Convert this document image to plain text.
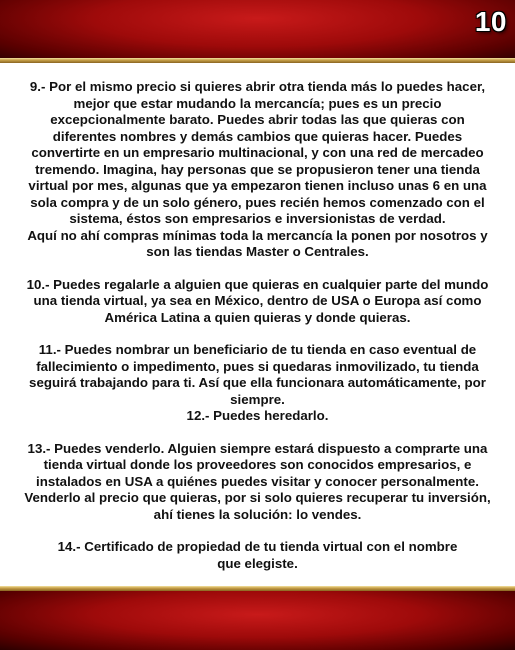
10

9.- Por el mismo precio si quieres abrir otra tienda más lo puedes hacer,
mejor que estar mudando la mercancía; pues es un precio
excepcionalmente barato. Puedes abrir todas las que quieras con
diferentes nombres y demás cambios que quieras hacer. Puedes
convertirte en un empresario multinacional, y con una red de mercadeo
tremendo. Imagina, hay personas que se propusieron tener una tienda
virtual por mes, algunas que ya empezaron tienen incluso unas 6 en una
sola compra y de un solo género, pues recién hemos comenzado con el
sistema, éstos son empresarios e inversionistas de verdad.
Aquí no ahí compras mínimas toda la mercancía la ponen por nosotros y
son las tiendas Master o Centrales.

10.- Puedes regalarle a alguien que quieras en cualquier parte del mundo
una tienda virtual, ya sea en México, dentro de USA o Europa así como
América Latina a quien quieras y donde quieras.

11.- Puedes nombrar un beneficiario de tu tienda en caso eventual de
fallecimiento o impedimento, pues si quedaras inmovilizado, tu tienda
seguirá trabajando para ti. Así que ella funcionara automáticamente, por
siempre.
12.- Puedes heredarlo.

13.- Puedes venderlo. Alguien siempre estará dispuesto a comprarte una
tienda virtual donde los proveedores son conocidos empresarios, e
instalados en USA a quiénes puedes visitar y conocer personalmente.
Venderlo al precio que quieras, por si solo quieres recuperar tu inversión,
ahí tienes la solución: lo vendes.

14.- Certificado de propiedad de tu tienda virtual con el nombre
que elegiste.
